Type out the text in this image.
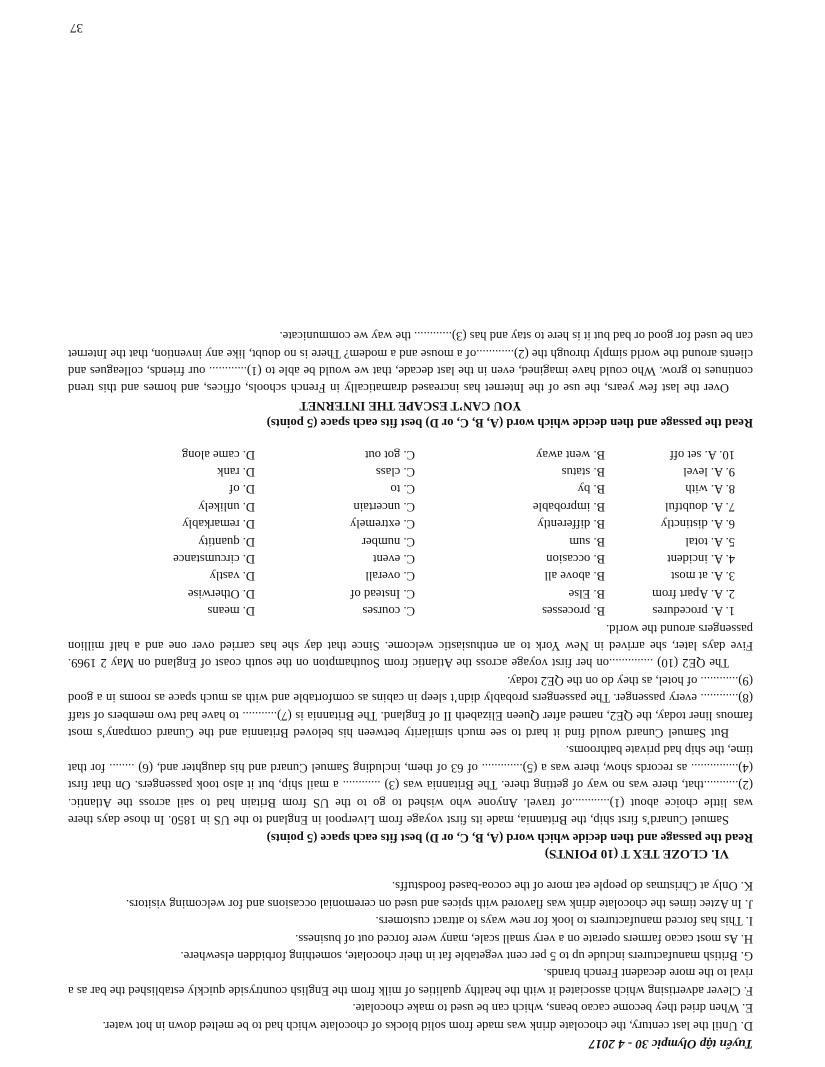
Tuyển tập Olympic 30 - 4 2017

D. Until the last century, the chocolate drink was made from solid blocks of chocolate which had to be melted down in hot water.

E. When dried they become cacao beans, which can be used to make chocolate.

F. Clever advertising which associated it with the healthy qualities of milk from the English countryside quickly established the bar as a rival to the more decadent French brands.

G. British manufacturers include up to 5 per cent vegetable fat in their chocolate, something forbidden elsewhere.

H. As most cacao farmers operate on a very small scale, many were forced out of business.

I. This has forced manufacturers to look for new ways to attract customers.

J. In Aztec times the chocolate drink was flavored with spices and used on ceremonial occasions and for welcoming visitors.

K. Only at Christmas do people eat more of the cocoa-based foodstuffs.

VI. CLOZE TEX T (10 POINTS)

Read the passage and then decide which word (A, B, C, or D) best fits each space (5 points)

Samuel Cunard’s first ship, the Britannia, made its first voyage from Liverpool in England to the US in 1850. In those days there was little choice about (1)............of travel. Anyone who wished to go to the US from Britain had to sail across the Atlantic. (2)...........that, there was no way of getting there. The Britannia was (3) ............ a mail ship, but it also took passengers. On that first (4)............... as records show, there was a (5)............. of 63 of them, including Samuel Cunard and his daughter and, (6) ........ for that time, the ship had private bathrooms.

But Samuel Cunard would find it hard to see much similarity between his beloved Britannia and the Cunard company’s most famous liner today, the QE2, named after Queen Elizabeth II of England. The Britannia is (7)........... to have had two members of staff (8)............ every passenger. The passengers probably didn’t sleep in cabins as comfortable and with as much space as rooms in a good (9)............ of hotel, as they do on the QE2 today.

The QE2 (10) ..............on her first voyage across the Atlantic from Southampton on the south coast of England on May 2 1969. Five days later, she arrived in New York to an enthusiastic welcome. Since that day she has carried over one and a half million passengers around the world.

1. A. procedures	B. processes	C. courses	D. means
2. A. Apart from	B. Else	C. Instead of	D. Otherwise
3. A. at most	B. above all	C. overall	D. vastly
4. A. incident	B. occasion	C. event	D. circumstance
5. A. total	B. sum	C. number	D. quantity
6. A. distinctly	B. differently	C. extremely	D. remarkably
7. A. doubtful	B. improbable	C. uncertain	D. unlikely
8. A. with	B. by	C. to	D. of
9. A. level	B. status	C. class	D. rank
10. A. set off	B. went away	C. got out	D. came along

Read the passage and then decide which word (A, B, C, or D) best fits each space (5 points)

YOU CAN’T ESCAPE THE INTERNET

Over the last few years, the use of the Internet has increased dramatically in French schools, offices, and homes and this trend continues to grow. Who could have imagined, even in the last decade, that we would be able to (1)............ our friends, colleagues and clients around the world simply through the (2)............of a mouse and a modem? There is no doubt, like any invention, that the Internet can be used for good or bad but it is here to stay and has (3)............ the way we communicate.

37
